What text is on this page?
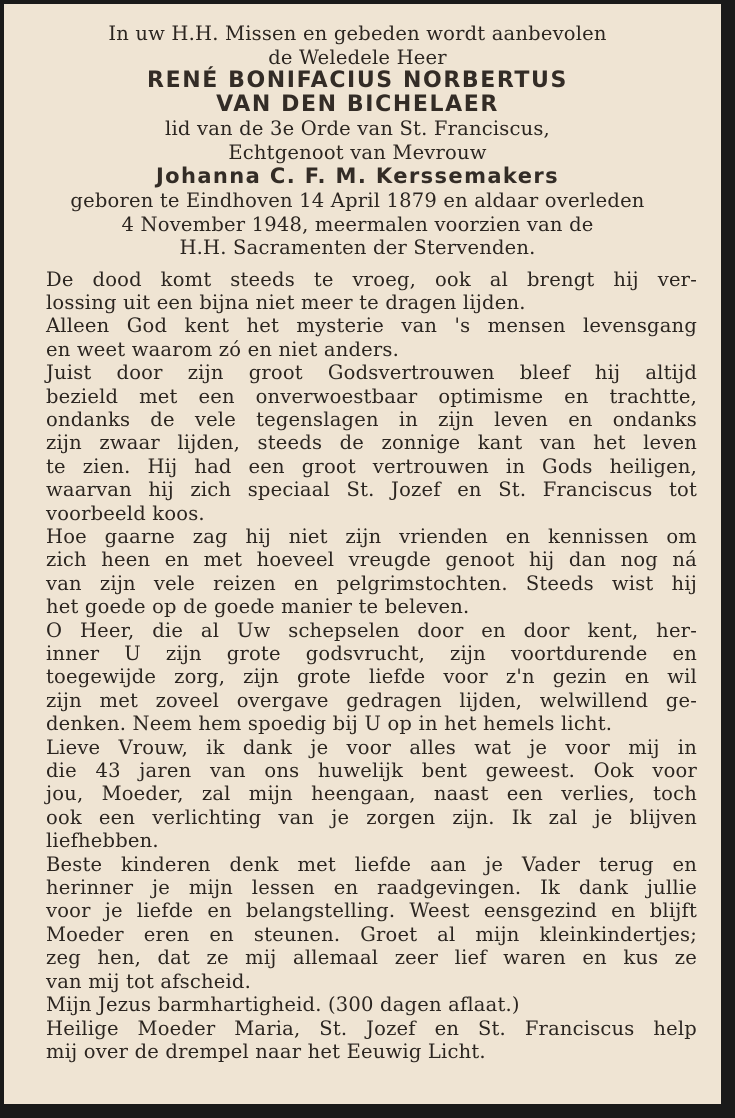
In uw H.H. Missen en gebeden wordt aanbevolen
de Weledele Heer
RENÉ BONIFACIUS NORBERTUS
VAN DEN BICHELAER
lid van de 3e Orde van St. Franciscus,
Echtgenoot van Mevrouw
Johanna C. F. M. Kerssemakers
geboren te Eindhoven 14 April 1879 en aldaar overleden
4 November 1948, meermalen voorzien van de
H.H. Sacramenten der Stervenden.
De dood komt steeds te vroeg, ook al brengt hij ver-
lossing uit een bijna niet meer te dragen lijden.
Alleen God kent het mysterie van 's mensen levensgang
en weet waarom zó en niet anders.
Juist door zijn groot Godsvertrouwen bleef hij altijd
bezield met een onverwoestbaar optimisme en trachtte,
ondanks de vele tegenslagen in zijn leven en ondanks
zijn zwaar lijden, steeds de zonnige kant van het leven
te zien. Hij had een groot vertrouwen in Gods heiligen,
waarvan hij zich speciaal St. Jozef en St. Franciscus tot
voorbeeld koos.
Hoe gaarne zag hij niet zijn vrienden en kennissen om
zich heen en met hoeveel vreugde genoot hij dan nog ná
van zijn vele reizen en pelgrimstochten. Steeds wist hij
het goede op de goede manier te beleven.
O Heer, die al Uw schepselen door en door kent, her-
inner U zijn grote godsvrucht, zijn voortdurende en
toegewijde zorg, zijn grote liefde voor z'n gezin en wil
zijn met zoveel overgave gedragen lijden, welwillend ge-
denken. Neem hem spoedig bij U op in het hemels licht.
Lieve Vrouw, ik dank je voor alles wat je voor mij in
die 43 jaren van ons huwelijk bent geweest. Ook voor
jou, Moeder, zal mijn heengaan, naast een verlies, toch
ook een verlichting van je zorgen zijn. Ik zal je blijven
liefhebben.
Beste kinderen denk met liefde aan je Vader terug en
herinner je mijn lessen en raadgevingen. Ik dank jullie
voor je liefde en belangstelling. Weest eensgezind en blijft
Moeder eren en steunen. Groet al mijn kleinkindertjes;
zeg hen, dat ze mij allemaal zeer lief waren en kus ze
van mij tot afscheid.
Mijn Jezus barmhartigheid. (300 dagen aflaat.)
Heilige Moeder Maria, St. Jozef en St. Franciscus help
mij over de drempel naar het Eeuwig Licht.
